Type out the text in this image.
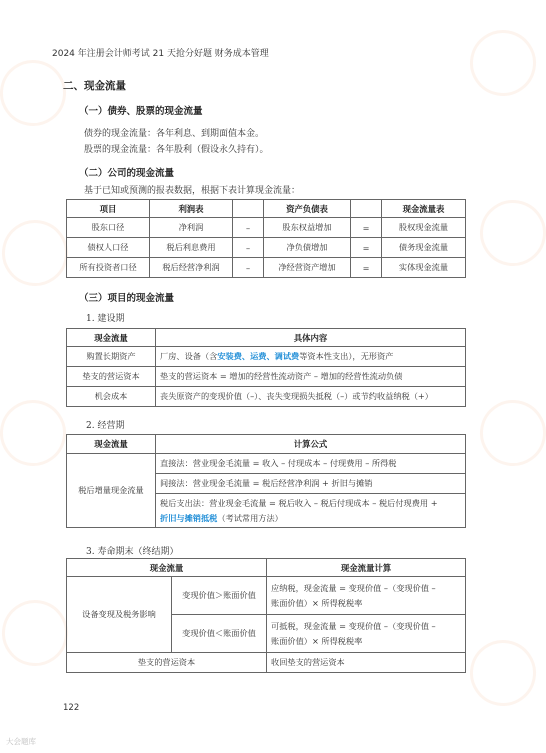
2024 年注册会计师考试 21 天抢分好题 财务成本管理
二、现金流量
（一）债券、股票的现金流量
债券的现金流量：各年利息、到期面值本金。
股票的现金流量：各年股利（假设永久持有）。
（二）公司的现金流量
基于已知或预测的报表数据，根据下表计算现金流量：
项目	利润表		资产负债表		现金流量表
股东口径	净利润	–	股东权益增加	=	股权现金流量
债权人口径	税后利息费用	–	净负债增加	=	债务现金流量
所有投资者口径	税后经营净利润	–	净经营资产增加	=	实体现金流量
（三）项目的现金流量
1. 建设期
现金流量	具体内容
购置长期资产	厂房、设备（含安装费、运费、调试费等资本性支出），无形资产
垫支的营运资本	垫支的营运资本 = 增加的经营性流动资产 – 增加的经营性流动负债
机会成本	丧失原资产的变现价值（–）、丧失变现损失抵税（–）或节约收益纳税（+）
2. 经营期
现金流量	计算公式
税后增量现金流量	直接法：营业现金毛流量 = 收入 – 付现成本 – 付现费用 – 所得税
	间接法：营业现金毛流量 = 税后经营净利润 + 折旧与摊销
	税后支出法：营业现金毛流量 = 税后收入 – 税后付现成本 – 税后付现费用 +
折旧与摊销抵税（考试常用方法）
3. 寿命期末（终结期）
现金流量		现金流量计算
设备变现及税务影响	变现价值＞账面价值	应纳税，现金流量 = 变现价值 –（变现价值 –
账面价值）× 所得税税率
	变现价值＜账面价值	可抵税，现金流量 = 变现价值 –（变现价值 –
账面价值）× 所得税税率
垫支的营运资本		收回垫支的营运资本
122
大会题库
